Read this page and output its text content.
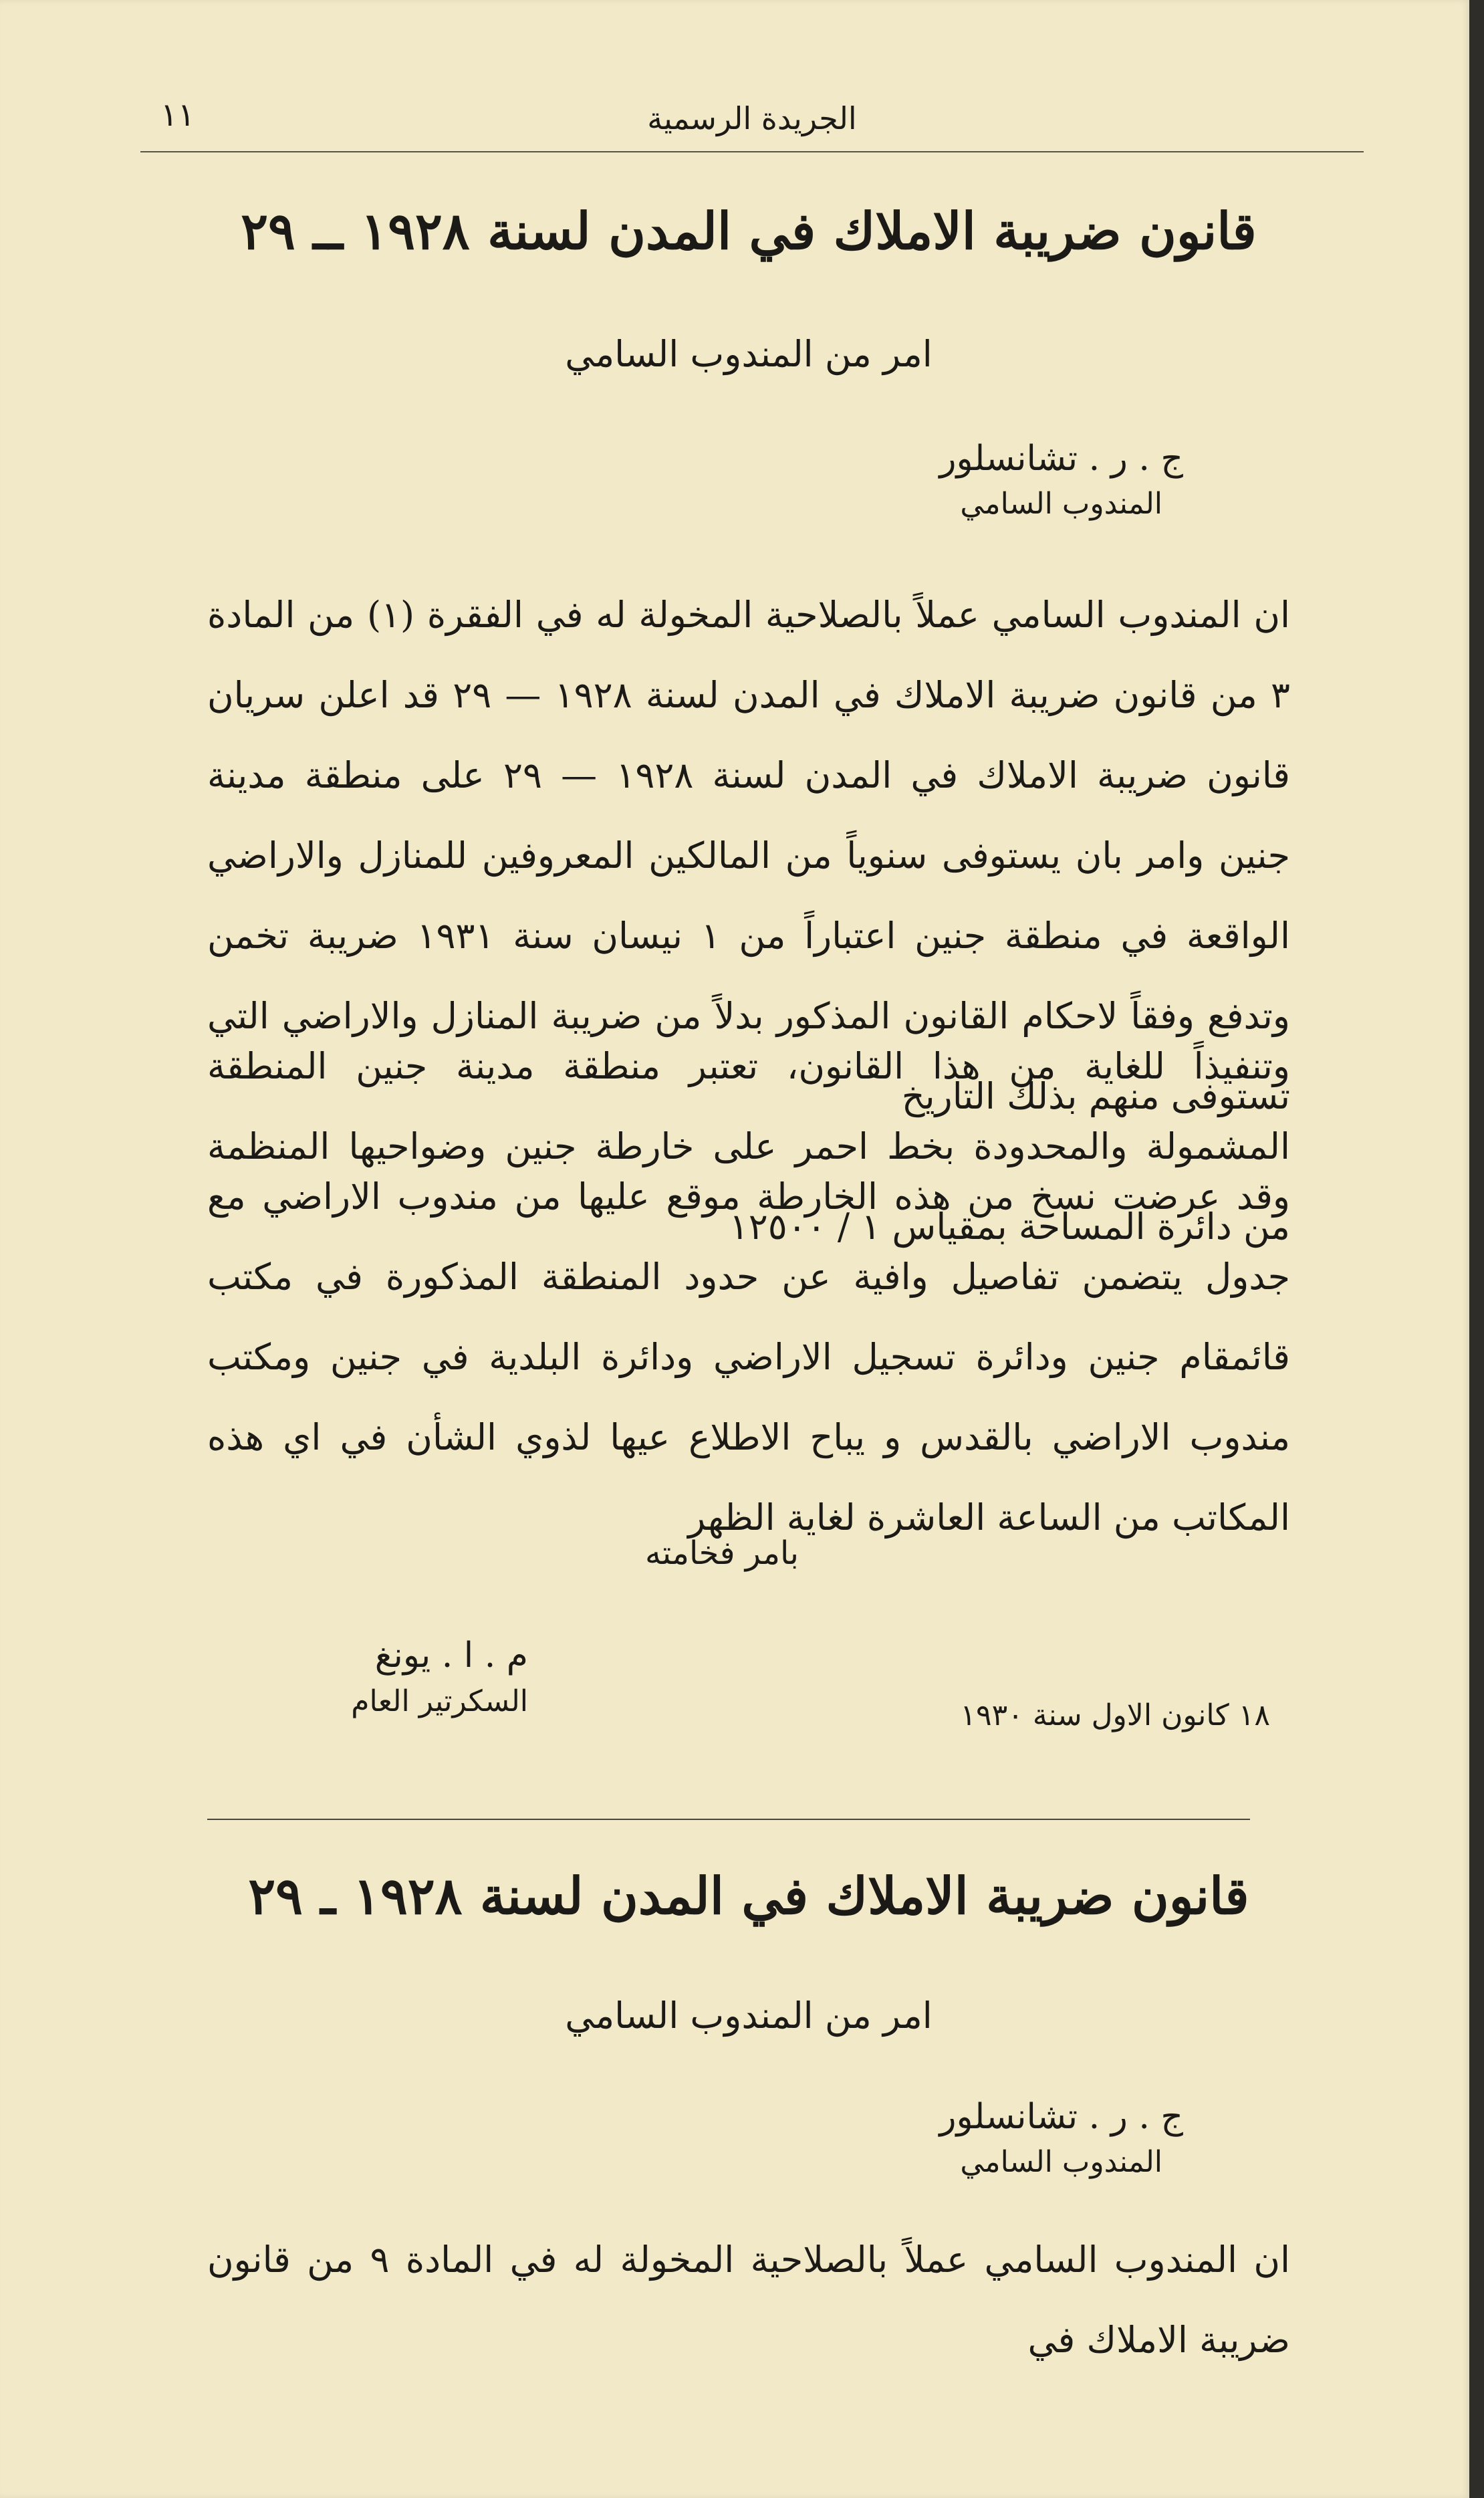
الجريدة الرسمية
١١
قانون ضريبة الاملاك في المدن لسنة ١٩٢٨ ــ ٢٩
امر من المندوب السامي
ج . ر . تشانسلور
المندوب السامي
ان المندوب السامي عملاً بالصلاحية المخولة له في الفقرة (١) من المادة ٣ من قانون ضريبة الاملاك في المدن لسنة ١٩٢٨ — ٢٩ قد اعلن سريان قانون ضريبة الاملاك في المدن لسنة ١٩٢٨ — ٢٩ على منطقة مدينة جنين وامر بان يستوفى سنوياً من المالكين المعروفين للمنازل والاراضي الواقعة في منطقة جنين اعتباراً من ١ نيسان سنة ١٩٣١ ضريبة تخمن وتدفع وفقاً لاحكام القانون المذكور بدلاً من ضريبة المنازل والاراضي التي تستوفى منهم بذلك التاريخ
وتنفيذاً للغاية من هذا القانون، تعتبر منطقة مدينة جنين المنطقة المشمولة والمحدودة بخط احمر على خارطة جنين وضواحيها المنظمة من دائرة المساحة بمقياس ١ / ١٢٥٠٠
وقد عرضت نسخ من هذه الخارطة موقع عليها من مندوب الاراضي مع جدول يتضمن تفاصيل وافية عن حدود المنطقة المذكورة في مكتب قائمقام جنين ودائرة تسجيل الاراضي ودائرة البلدية في جنين ومكتب مندوب الاراضي بالقدس و يباح الاطلاع عيها لذوي الشأن في اي هذه المكاتب من الساعة العاشرة لغاية الظهر
بامر فخامته
م . ا . يونغ
السكرتير العام	١٨ كانون الاول سنة ١٩٣٠
قانون ضريبة الاملاك في المدن لسنة ١٩٢٨ ـ ٢٩
امر من المندوب السامي
ج . ر . تشانسلور
المندوب السامي
ان المندوب السامي عملاً بالصلاحية المخولة له في المادة ٩ من قانون ضريبة الاملاك في
